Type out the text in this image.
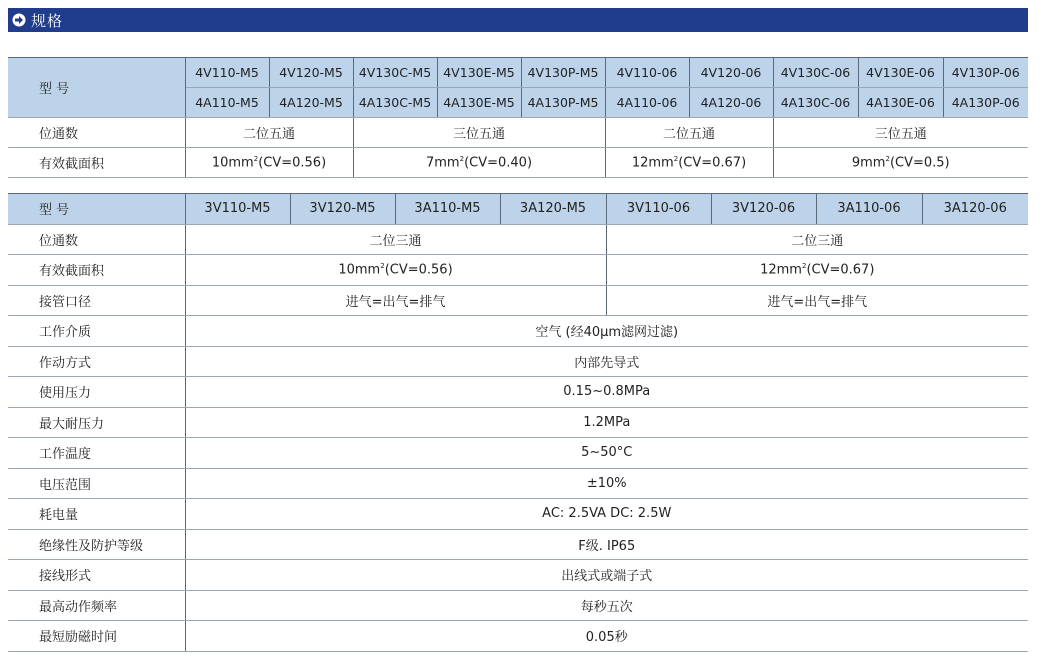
规格
型 号	4V110-M5	4V120-M5	4V130C-M5	4V130E-M5	4V130P-M5	4V110-06	4V120-06	4V130C-06	4V130E-06	4V130P-06
	4A110-M5	4A120-M5	4A130C-M5	4A130E-M5	4A130P-M5	4A110-06	4A120-06	4A130C-06	4A130E-06	4A130P-06
位通数	二位五通		三位五通			二位五通		三位五通		
有效截面积	$10mm^2(CV=0.56)$		$7mm^2(CV=0.40)$			$12mm^2(CV=0.67)$		$9mm^2(CV=0.5)$		
型 号	3V110-M5	3V120-M5	3A110-M5	3A120-M5	3V110-06	3V120-06	3A110-06	3A120-06
位通数	二位三通				二位三通			
有效截面积	$10mm^2(CV=0.56)$				$12mm^2(CV=0.67)$			
接管口径	进气=出气=排气				进气=出气=排气			
工作介质	空气 (经40μm滤网过滤)							
作动方式	内部先导式							
使用压力	0.15~0.8MPa							
最大耐压力	1.2MPa							
工作温度	5~50°C							
电压范围	±10%							
耗电量	AC: 2.5VA DC: 2.5W							
绝缘性及防护等级	F级. IP65							
接线形式	出线式或端子式							
最高动作频率	每秒五次							
最短励磁时间	0.05秒							
